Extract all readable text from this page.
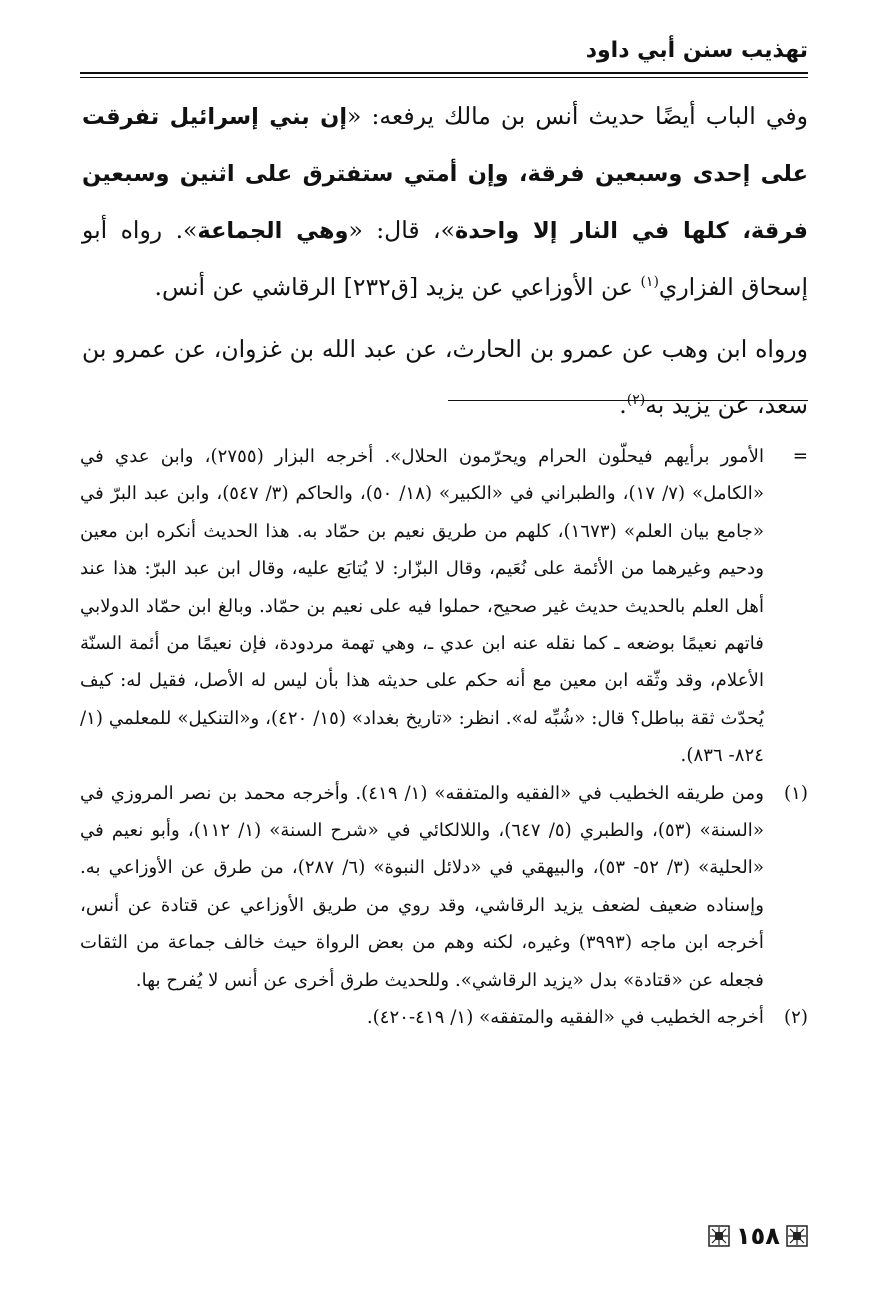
تهذيب سنن أبي داود

وفي الباب أيضًا حديث أنس بن مالك يرفعه: «إن بني إسرائيل تفرقت على إحدى وسبعين فرقة، وإن أمتي ستفترق على اثنين وسبعين فرقة، كلها في النار إلا واحدة»، قال: «وهي الجماعة». رواه أبو إسحاق الفزاري$^{(١)}$ عن الأوزاعي عن يزيد [ق٢٣٢] الرقاشي عن أنس.

ورواه ابن وهب عن عمرو بن الحارث، عن عبد الله بن غزوان، عن عمرو بن سعد، عن يزيد به$^{(٢)}$.

=
الأمور برأيهم فيحلّون الحرام ويحرّمون الحلال». أخرجه البزار (٢٧٥٥)، وابن عدي في «الكامل» (٧/ ١٧)، والطبراني في «الكبير» (١٨/ ٥٠)، والحاكم (٣/ ٥٤٧)، وابن عبد البرّ في «جامع بيان العلم» (١٦٧٣)، كلهم من طريق نعيم بن حمّاد به. هذا الحديث أنكره ابن معين ودحيم وغيرهما من الأئمة على نُعَيم، وقال البزّار: لا يُتابَع عليه، وقال ابن عبد البرّ: هذا عند أهل العلم بالحديث حديث غير صحيح، حملوا فيه على نعيم بن حمّاد. وبالغ ابن حمّاد الدولابي فاتهم نعيمًا بوضعه ـ كما نقله عنه ابن عدي ـ، وهي تهمة مردودة، فإن نعيمًا من أئمة السنّة الأعلام، وقد وثّقه ابن معين مع أنه حكم على حديثه هذا بأن ليس له الأصل، فقيل له: كيف يُحدّث ثقة بباطل؟ قال: «شُبِّه له». انظر: «تاريخ بغداد» (١٥/ ٤٢٠)، و«التنكيل» للمعلمي (١/ ٨٢٤- ٨٣٦).
(١)
ومن طريقه الخطيب في «الفقيه والمتفقه» (١/ ٤١٩). وأخرجه محمد بن نصر المروزي في «السنة» (٥٣)، والطبري (٥/ ٦٤٧)، واللالكائي في «شرح السنة» (١/ ١١٢)، وأبو نعيم في «الحلية» (٣/ ٥٢- ٥٣)، والبيهقي في «دلائل النبوة» (٦/ ٢٨٧)، من طرق عن الأوزاعي به. وإسناده ضعيف لضعف يزيد الرقاشي، وقد روي من طريق الأوزاعي عن قتادة عن أنس، أخرجه ابن ماجه (٣٩٩٣) وغيره، لكنه وهم من بعض الرواة حيث خالف جماعة من الثقات فجعله عن «قتادة» بدل «يزيد الرقاشي». وللحديث طرق أخرى عن أنس لا يُفرح بها.
(٢)
أخرجه الخطيب في «الفقيه والمتفقه» (١/ ٤١٩-٤٢٠).
١٥٨
